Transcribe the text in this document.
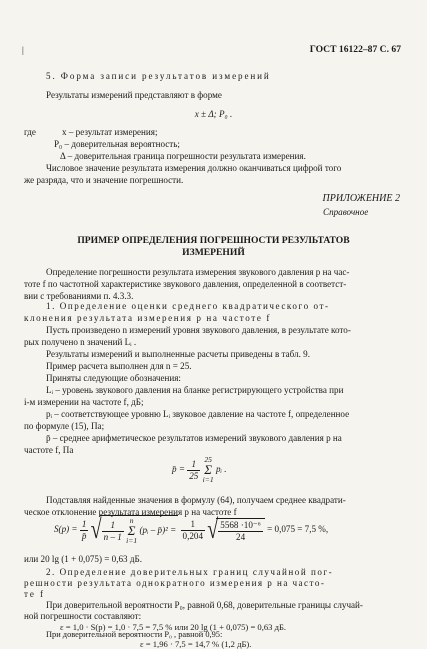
|	ГОСТ 16122–87 С. 67
5. Форма записи результатов измерений
Результаты измерений представляют в форме
x ± Δ; P₀ .
где	x – результат измерения;
P₀ – доверительная вероятность;
Δ – доверительная граница погрешности результата измерения.
Числовое значение результата измерения должно оканчиваться цифрой того
же разряда, что и значение погрешности.
ПРИЛОЖЕНИЕ 2
Справочное
ПРИМЕР ОПРЕДЕЛЕНИЯ ПОГРЕШНОСТИ РЕЗУЛЬТАТОВ
ИЗМЕРЕНИЙ
Определение погрешности результата измерения звукового давления p на час-
тоте f по частотной характеристике звукового давления, определенной в соответст-
вии с требованиями п. 4.3.3.
1. Определение оценки среднего квадратического от-
клонения результата измерения p на частоте f
Пусть произведено n измерений уровня звукового давления, в результате кото-
рых получено n значений Lᵢ .
Результаты измерений и выполненные расчеты приведены в табл. 9.
Пример расчета выполнен для n = 25.
Приняты следующие обозначения:
Lᵢ – уровень звукового давления на бланке регистрирующего устройства при
i-м измерении на частоте f, дБ;
pᵢ – соответствующее уровню Lᵢ звуковое давление на частоте f, определенное
по формуле (15), Па;
p̄ – среднее арифметическое результатов измерений звукового давления p на
частоте f, Па
p̄ = $\frac{1}{25} 25$
Σ
i=1 pᵢ .
Подставляя найденные значения в формулу (64), получаем среднее квадрати-
ческое отклонение результата измерения p на частоте f
$S(p) = \frac{1}{p̄}$ √ $\frac{1}{n - 1}$ n
Σ
i=1 (pᵢ – p̄)² = $\frac{1}{0,204}$ √ $\frac{\text{5568 ·10⁻⁶}}{24} = 0,075 = 7,5$ %,
или 20 lg (1 + 0,075) = 0,63 дБ.
2. Определение доверительных границ случайной пог-
решности результата однократного измерения p на часто-
те f
При доверительной вероятности P₀, равной 0,68, доверительные границы случай-
ной погрешности составляют:
ε = 1,0 · S(p) = 1,0 · 7,5 = 7,5 % или 20 lg (1 + 0,075) = 0,63 дБ.
При доверительной вероятности P₀ , равной 0,95:
ε = 1,96 · 7,5 = 14,7 % (1,2 дБ).
